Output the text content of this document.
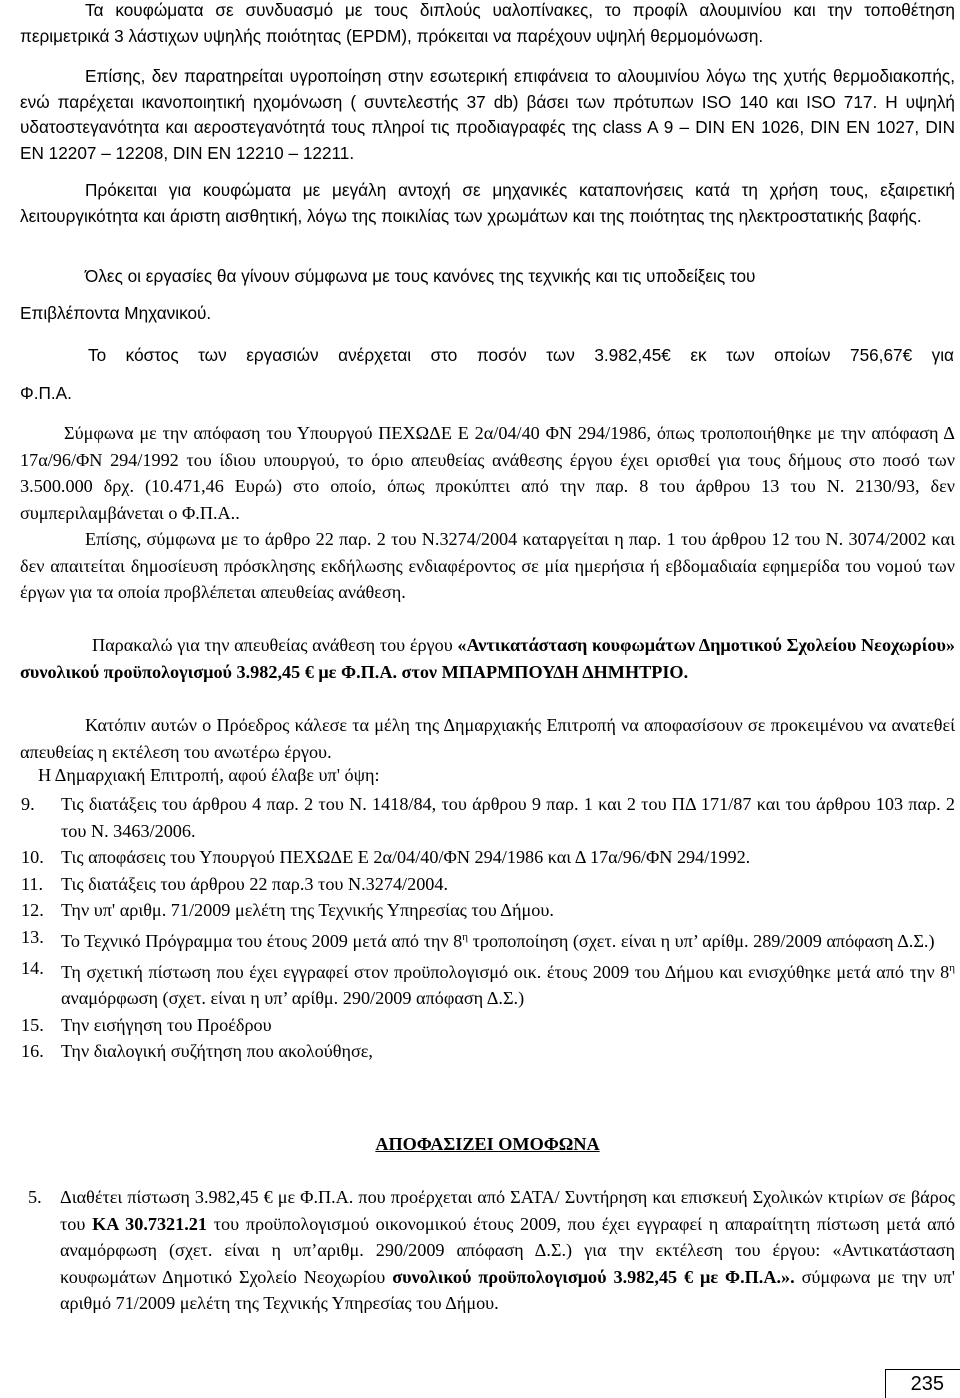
Τα κουφώματα σε συνδυασμό με τους διπλούς υαλοπίνακες, το προφίλ αλουμινίου και την τοποθέτηση περιμετρικά 3 λάστιχων υψηλής ποιότητας (EPDM), πρόκειται να παρέχουν υψηλή θερμομόνωση.

Επίσης, δεν παρατηρείται υγροποίηση στην εσωτερική επιφάνεια το αλουμινίου λόγω της χυτής θερμοδιακοπής, ενώ παρέχεται ικανοποιητική ηχομόνωση ( συντελεστής 37 db) βάσει των πρότυπων ISO 140 και ISO 717. Η υψηλή υδατοστεγανότητα και αεροστεγανότητά τους πληροί τις προδιαγραφές της class A 9 – DIN EN 1026, DIN EN 1027, DIN EN 12207 – 12208, DIN EN 12210 – 12211.

Πρόκειται για κουφώματα με μεγάλη αντοχή σε μηχανικές καταπονήσεις κατά τη χρήση τους, εξαιρετική λειτουργικότητα και άριστη αισθητική, λόγω της ποικιλίας των χρωμάτων και της ποιότητας της ηλεκτροστατικής βαφής.

Όλες οι εργασίες θα γίνουν σύμφωνα με τους κανόνες της τεχνικής και τις υποδείξεις του

Επιβλέποντα Μηχανικού.

Το κόστος των εργασιών ανέρχεται στο ποσόν των 3.982,45€ εκ των οποίων 756,67€ για

Φ.Π.Α.

Σύμφωνα με την απόφαση του Υπουργού ΠΕΧΩΔΕ Ε 2α/04/40 ΦΝ 294/1986, όπως τροποποιήθηκε με την απόφαση Δ 17α/96/ΦΝ 294/1992 του ίδιου υπουργού, το όριο απευθείας ανάθεσης έργου έχει ορισθεί για τους δήμους στο ποσό των 3.500.000 δρχ. (10.471,46 Ευρώ) στο οποίο, όπως προκύπτει από την παρ. 8 του άρθρου 13 του Ν. 2130/93, δεν συμπεριλαμβάνεται ο Φ.Π.Α..

Επίσης, σύμφωνα με το άρθρο 22 παρ. 2 του Ν.3274/2004 καταργείται η παρ. 1 του άρθρου 12 του Ν. 3074/2002 και δεν απαιτείται δημοσίευση πρόσκλησης εκδήλωσης ενδιαφέροντος σε μία ημερήσια ή εβδομαδιαία εφημερίδα του νομού των έργων για τα οποία προβλέπεται απευθείας ανάθεση.

Παρακαλώ για την απευθείας ανάθεση του έργου «Αντικατάσταση κουφωμάτων Δημοτικού Σχολείου Νεοχωρίου» συνολικού προϋπολογισμού 3.982,45 € με Φ.Π.Α. στον ΜΠΑΡΜΠΟΥΔΗ ΔΗΜΗΤΡΙΟ.

Κατόπιν αυτών ο Πρόεδρος κάλεσε τα μέλη της Δημαρχιακής Επιτροπή να αποφασίσουν σε προκειμένου να ανατεθεί απευθείας η εκτέλεση του ανωτέρω έργου.

Η Δημαρχιακή Επιτροπή, αφού έλαβε υπ' όψη:

9. Τις διατάξεις του άρθρου 4 παρ. 2 του Ν. 1418/84, του άρθρου 9 παρ. 1 και 2 του ΠΔ 171/87 και του άρθρου 103 παρ. 2 του Ν. 3463/2006.
10. Τις αποφάσεις του Υπουργού ΠΕΧΩΔΕ Ε 2α/04/40/ΦΝ 294/1986 και Δ 17α/96/ΦΝ 294/1992.
11. Τις διατάξεις του άρθρου 22 παρ.3 του Ν.3274/2004.
12. Την υπ' αριθμ. 71/2009 μελέτη της Τεχνικής Υπηρεσίας του Δήμου.
13. Το Τεχνικό Πρόγραμμα του έτους 2009 μετά από την $8^\eta$ τροποποίηση (σχετ. είναι η υπ’ αρίθμ. 289/2009 απόφαση Δ.Σ.)
14. Τη σχετική πίστωση που έχει εγγραφεί στον προϋπολογισμό οικ. έτους 2009 του Δήμου και ενισχύθηκε μετά από την $8^\eta$ αναμόρφωση (σχετ. είναι η υπ’ αρίθμ. 290/2009 απόφαση Δ.Σ.)
15. Την εισήγηση του Προέδρου
16. Την διαλογική συζήτηση που ακολούθησε,

ΑΠΟΦΑΣΙΖΕΙ ΟΜΟΦΩΝΑ

5. Διαθέτει πίστωση 3.982,45 € με Φ.Π.Α. που προέρχεται από ΣΑΤΑ/ Συντήρηση και επισκευή Σχολικών κτιρίων σε βάρος του ΚΑ 30.7321.21 του προϋπολογισμού οικονομικού έτους 2009, που έχει εγγραφεί η απαραίτητη πίστωση μετά από αναμόρφωση (σχετ. είναι η υπ’αριθμ. 290/2009 απόφαση Δ.Σ.) για την εκτέλεση του έργου: «Αντικατάσταση κουφωμάτων Δημοτικό Σχολείο Νεοχωρίου συνολικού προϋπολογισμού 3.982,45 € με Φ.Π.Α.». σύμφωνα με την υπ' αριθμό 71/2009 μελέτη της Τεχνικής Υπηρεσίας του Δήμου.
235
